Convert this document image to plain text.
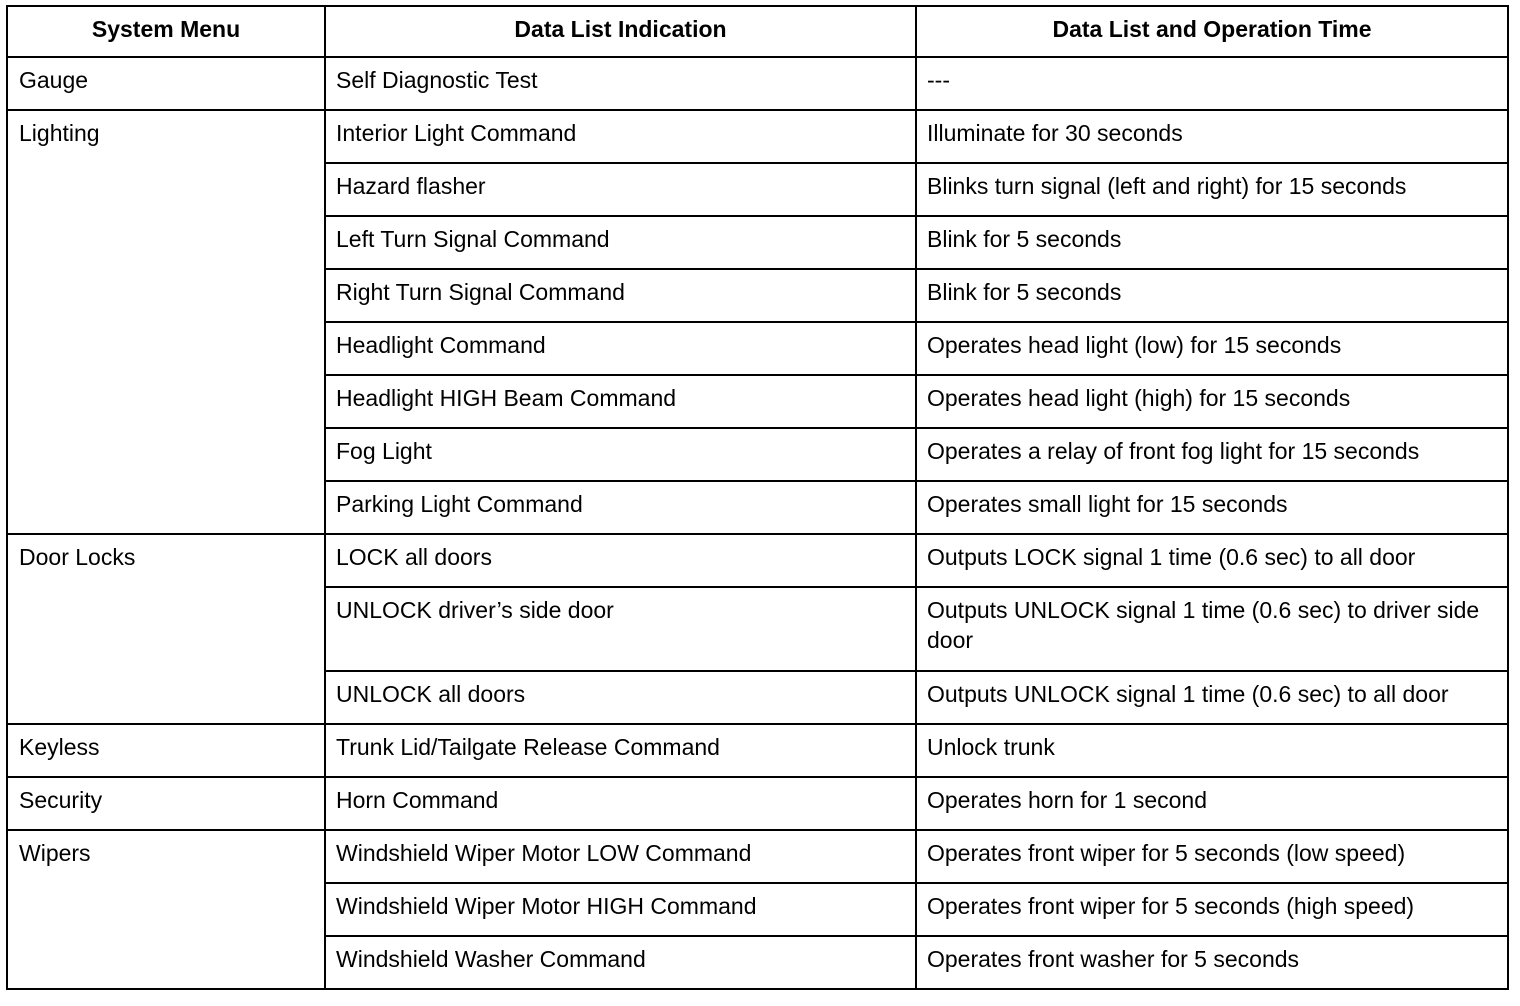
System Menu	Data List Indication	Data List and Operation Time
Gauge	Self Diagnostic Test	---
Lighting	Interior Light Command	Illuminate for 30 seconds
	Hazard flasher	Blinks turn signal (left and right) for 15 seconds
	Left Turn Signal Command	Blink for 5 seconds
	Right Turn Signal Command	Blink for 5 seconds
	Headlight Command	Operates head light (low) for 15 seconds
	Headlight HIGH Beam Command	Operates head light (high) for 15 seconds
	Fog Light	Operates a relay of front fog light for 15 seconds
	Parking Light Command	Operates small light for 15 seconds
Door Locks	LOCK all doors	Outputs LOCK signal 1 time (0.6 sec) to all door
	UNLOCK driver’s side door	Outputs UNLOCK signal 1 time (0.6 sec) to driver side door
	UNLOCK all doors	Outputs UNLOCK signal 1 time (0.6 sec) to all door
Keyless	Trunk Lid/Tailgate Release Command	Unlock trunk
Security	Horn Command	Operates horn for 1 second
Wipers	Windshield Wiper Motor LOW Command	Operates front wiper for 5 seconds (low speed)
	Windshield Wiper Motor HIGH Command	Operates front wiper for 5 seconds (high speed)
	Windshield Washer Command	Operates front washer for 5 seconds
